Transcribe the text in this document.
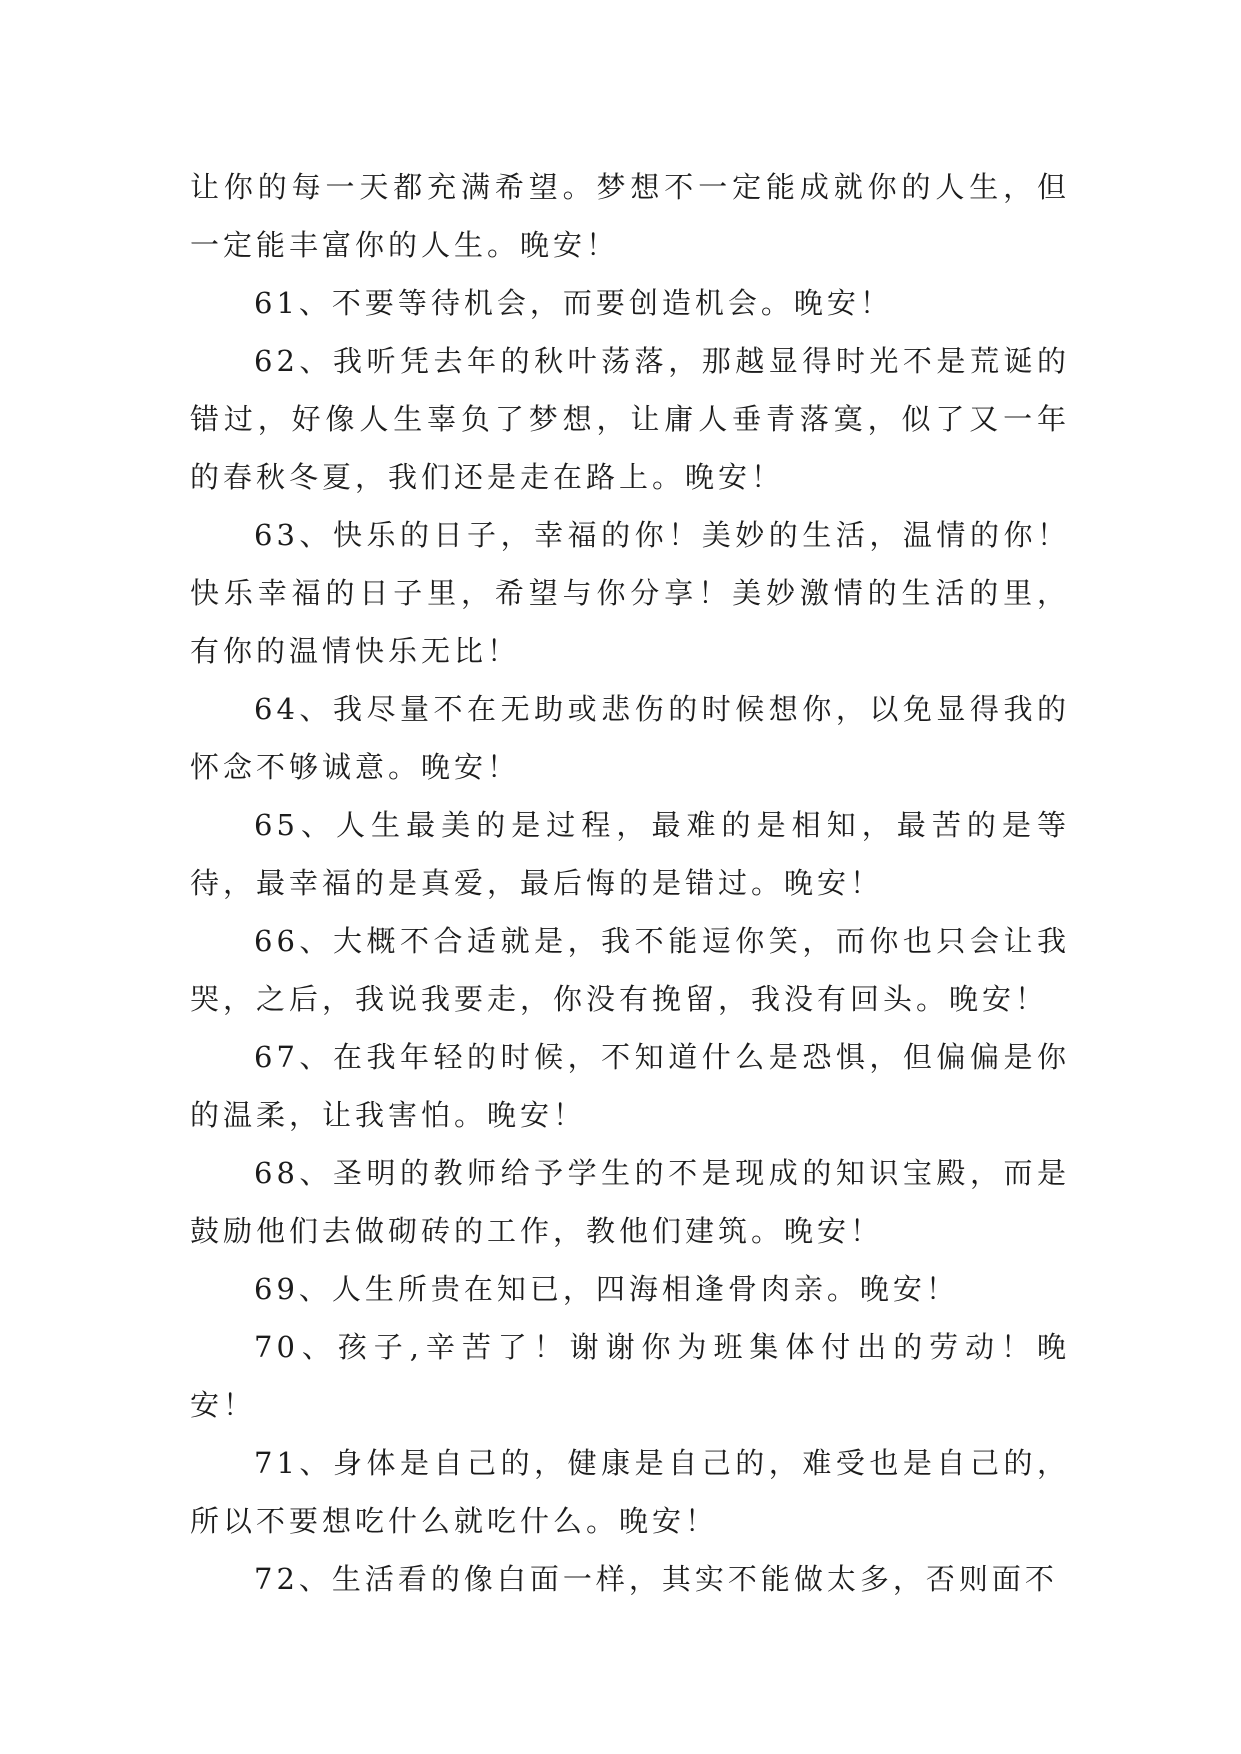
让你的每一天都充满希望。梦想不一定能成就你的人生，但一定能丰富你的人生。晚安！

61、不要等待机会，而要创造机会。晚安！

62、我听凭去年的秋叶荡落，那越显得时光不是荒诞的错过，好像人生辜负了梦想，让庸人垂青落寞，似了又一年的春秋冬夏，我们还是走在路上。晚安！

63、快乐的日子，幸福的你！美妙的生活，温情的你！快乐幸福的日子里，希望与你分享！美妙激情的生活的里，有你的温情快乐无比！

64、我尽量不在无助或悲伤的时候想你，以免显得我的怀念不够诚意。晚安！

65、人生最美的是过程，最难的是相知，最苦的是等待，最幸福的是真爱，最后悔的是错过。晚安！

66、大概不合适就是，我不能逗你笑，而你也只会让我哭，之后，我说我要走，你没有挽留，我没有回头。晚安！

67、在我年轻的时候，不知道什么是恐惧，但偏偏是你的温柔，让我害怕。晚安！

68、圣明的教师给予学生的不是现成的知识宝殿，而是鼓励他们去做砌砖的工作，教他们建筑。晚安！

69、人生所贵在知已，四海相逢骨肉亲。晚安！

70、孩子,辛苦了！谢谢你为班集体付出的劳动！晚安！

71、身体是自己的，健康是自己的，难受也是自己的，所以不要想吃什么就吃什么。晚安！

72、生活看的像白面一样，其实不能做太多，否则面不
